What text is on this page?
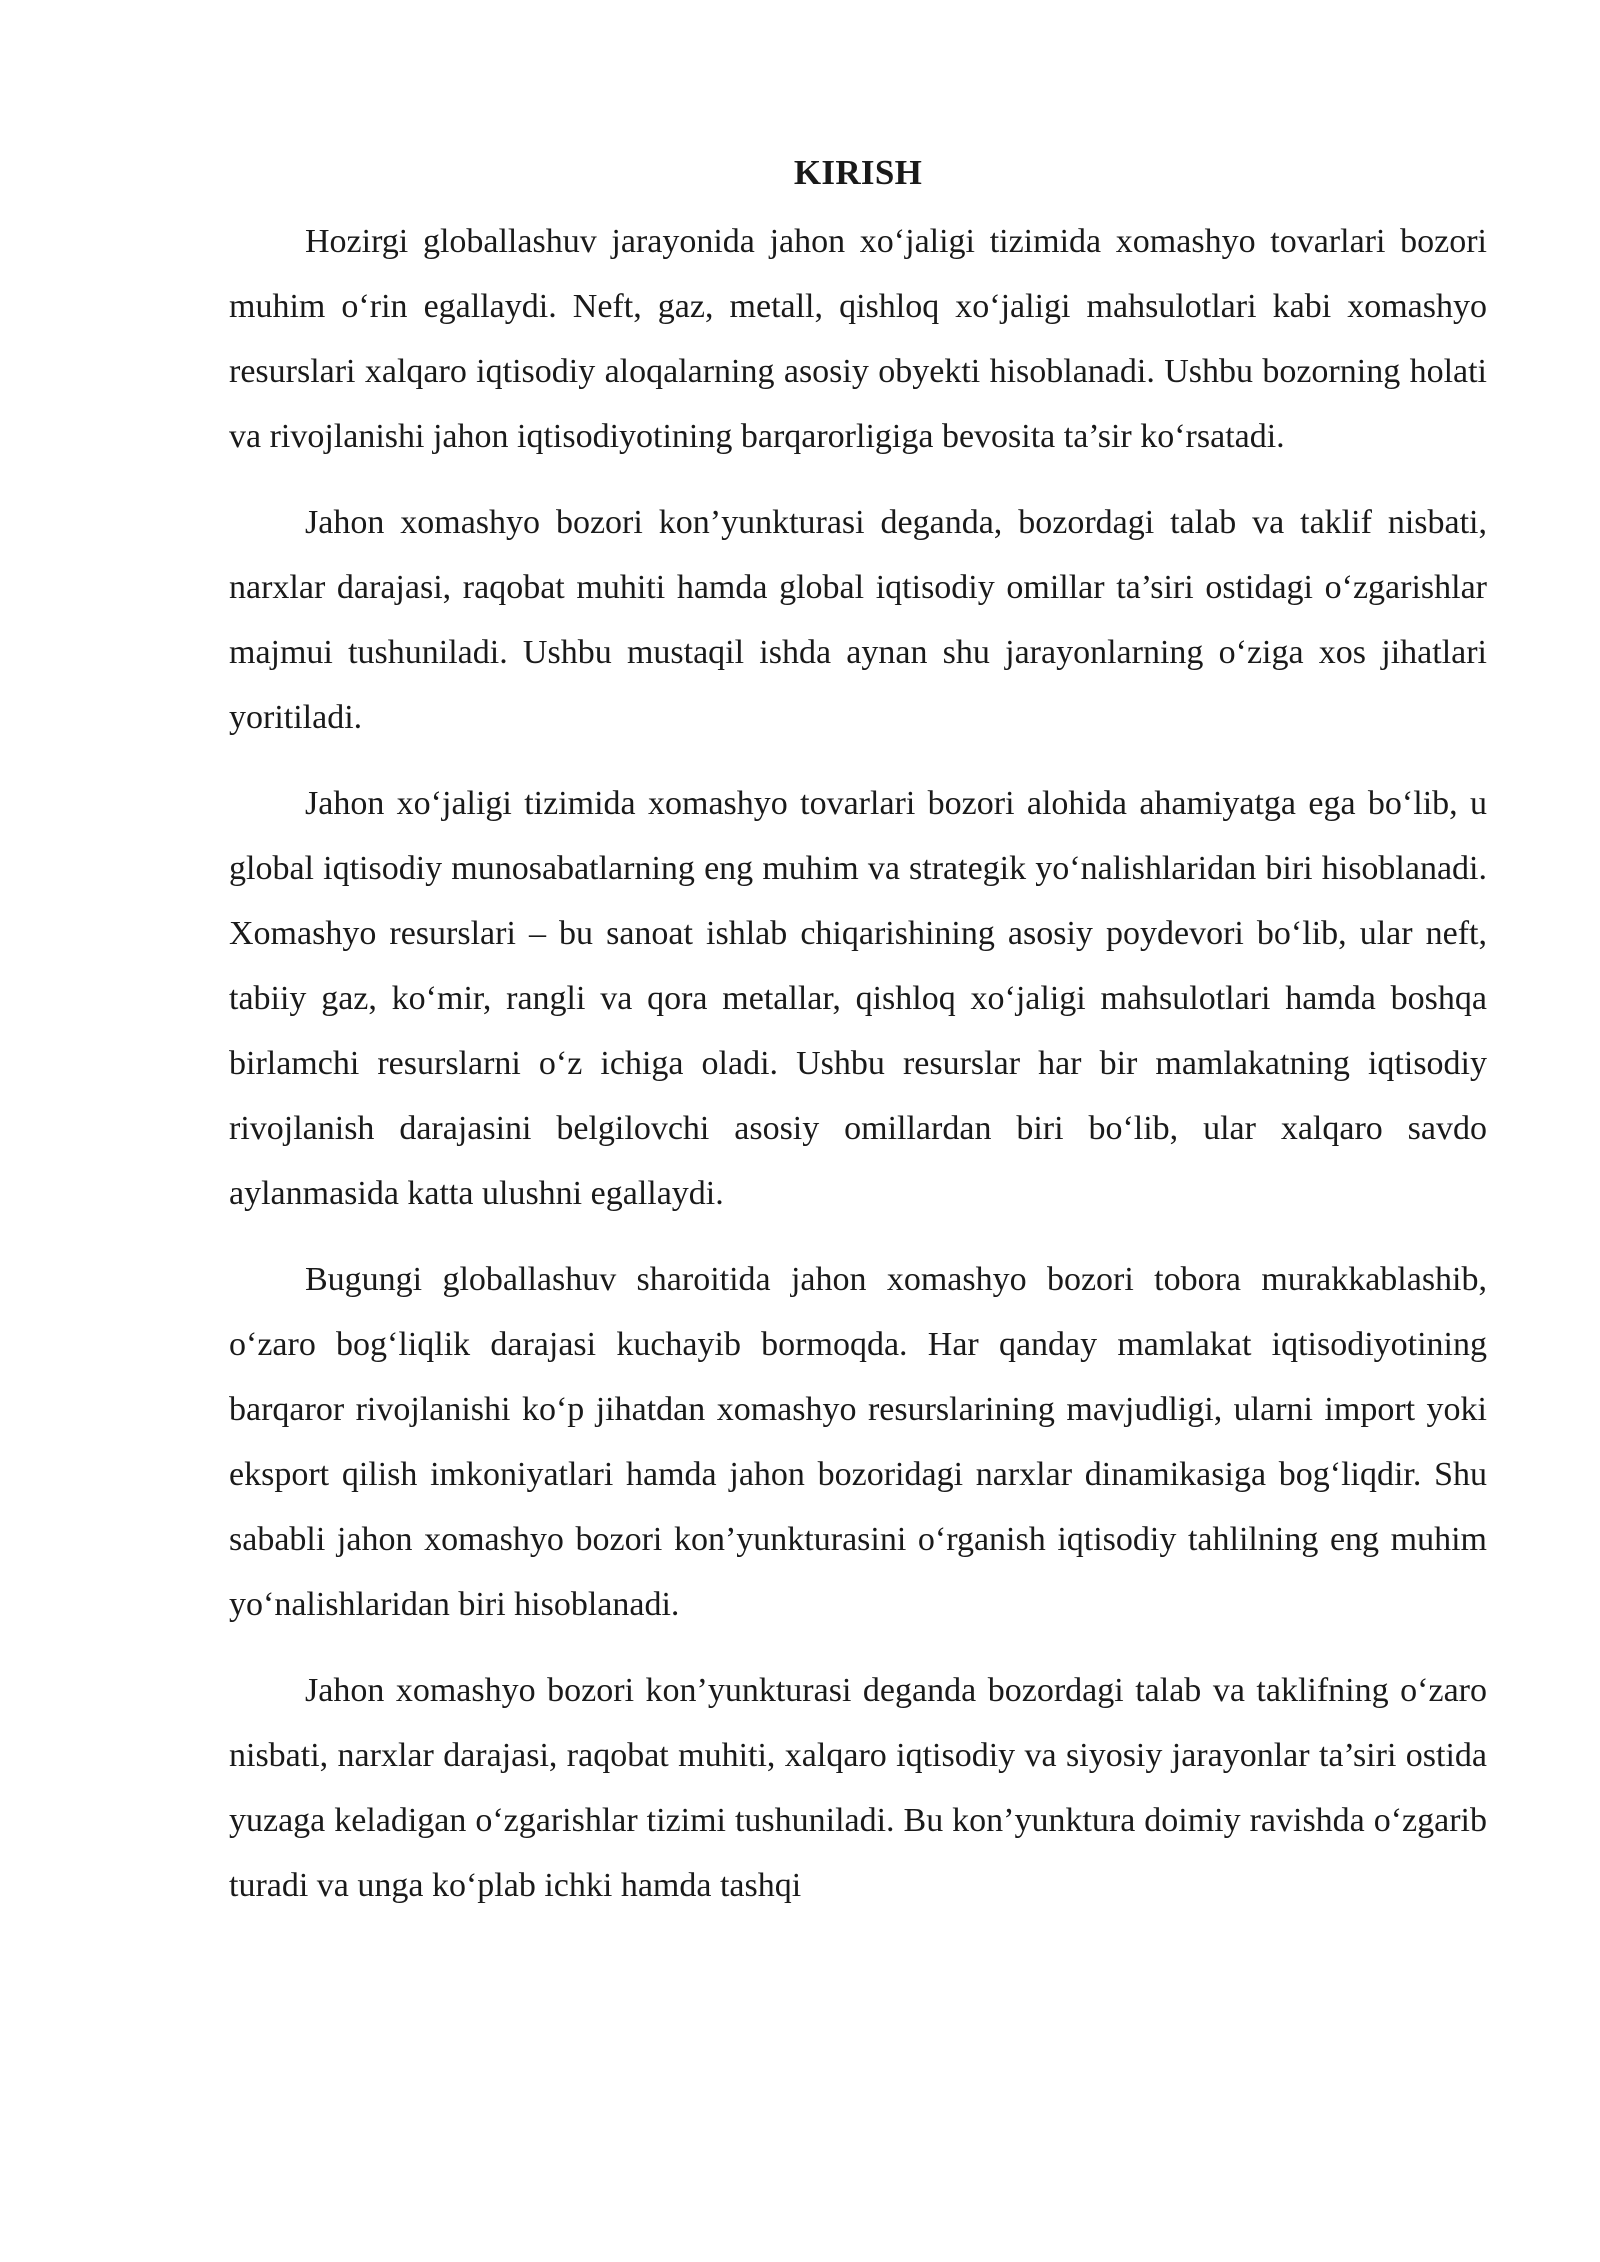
KIRISH

Hozirgi globallashuv jarayonida jahon xo‘jaligi tizimida xomashyo tovarlari bozori muhim o‘rin egallaydi. Neft, gaz, metall, qishloq xo‘jaligi mahsulotlari kabi xomashyo resurslari xalqaro iqtisodiy aloqalarning asosiy obyekti hisoblanadi. Ushbu bozorning holati va rivojlanishi jahon iqtisodiyotining barqarorligiga bevosita ta’sir ko‘rsatadi.

Jahon xomashyo bozori kon’yunkturasi deganda, bozordagi talab va taklif nisbati, narxlar darajasi, raqobat muhiti hamda global iqtisodiy omillar ta’siri ostidagi o‘zgarishlar majmui tushuniladi. Ushbu mustaqil ishda aynan shu jarayonlarning o‘ziga xos jihatlari yoritiladi.

Jahon xo‘jaligi tizimida xomashyo tovarlari bozori alohida ahamiyatga ega bo‘lib, u global iqtisodiy munosabatlarning eng muhim va strategik yo‘nalishlaridan biri hisoblanadi. Xomashyo resurslari – bu sanoat ishlab chiqarishining asosiy poydevori bo‘lib, ular neft, tabiiy gaz, ko‘mir, rangli va qora metallar, qishloq xo‘jaligi mahsulotlari hamda boshqa birlamchi resurslarni o‘z ichiga oladi. Ushbu resurslar har bir mamlakatning iqtisodiy rivojlanish darajasini belgilovchi asosiy omillardan biri bo‘lib, ular xalqaro savdo aylanmasida katta ulushni egallaydi.

Bugungi globallashuv sharoitida jahon xomashyo bozori tobora murakkablashib, o‘zaro bog‘liqlik darajasi kuchayib bormoqda. Har qanday mamlakat iqtisodiyotining barqaror rivojlanishi ko‘p jihatdan xomashyo resurslarining mavjudligi, ularni import yoki eksport qilish imkoniyatlari hamda jahon bozoridagi narxlar dinamikasiga bog‘liqdir. Shu sababli jahon xomashyo bozori kon’yunkturasini o‘rganish iqtisodiy tahlilning eng muhim yo‘nalishlaridan biri hisoblanadi.

Jahon xomashyo bozori kon’yunkturasi deganda bozordagi talab va taklifning o‘zaro nisbati, narxlar darajasi, raqobat muhiti, xalqaro iqtisodiy va siyosiy jarayonlar ta’siri ostida yuzaga keladigan o‘zgarishlar tizimi tushuniladi. Bu kon’yunktura doimiy ravishda o‘zgarib turadi va unga ko‘plab ichki hamda tashqi
